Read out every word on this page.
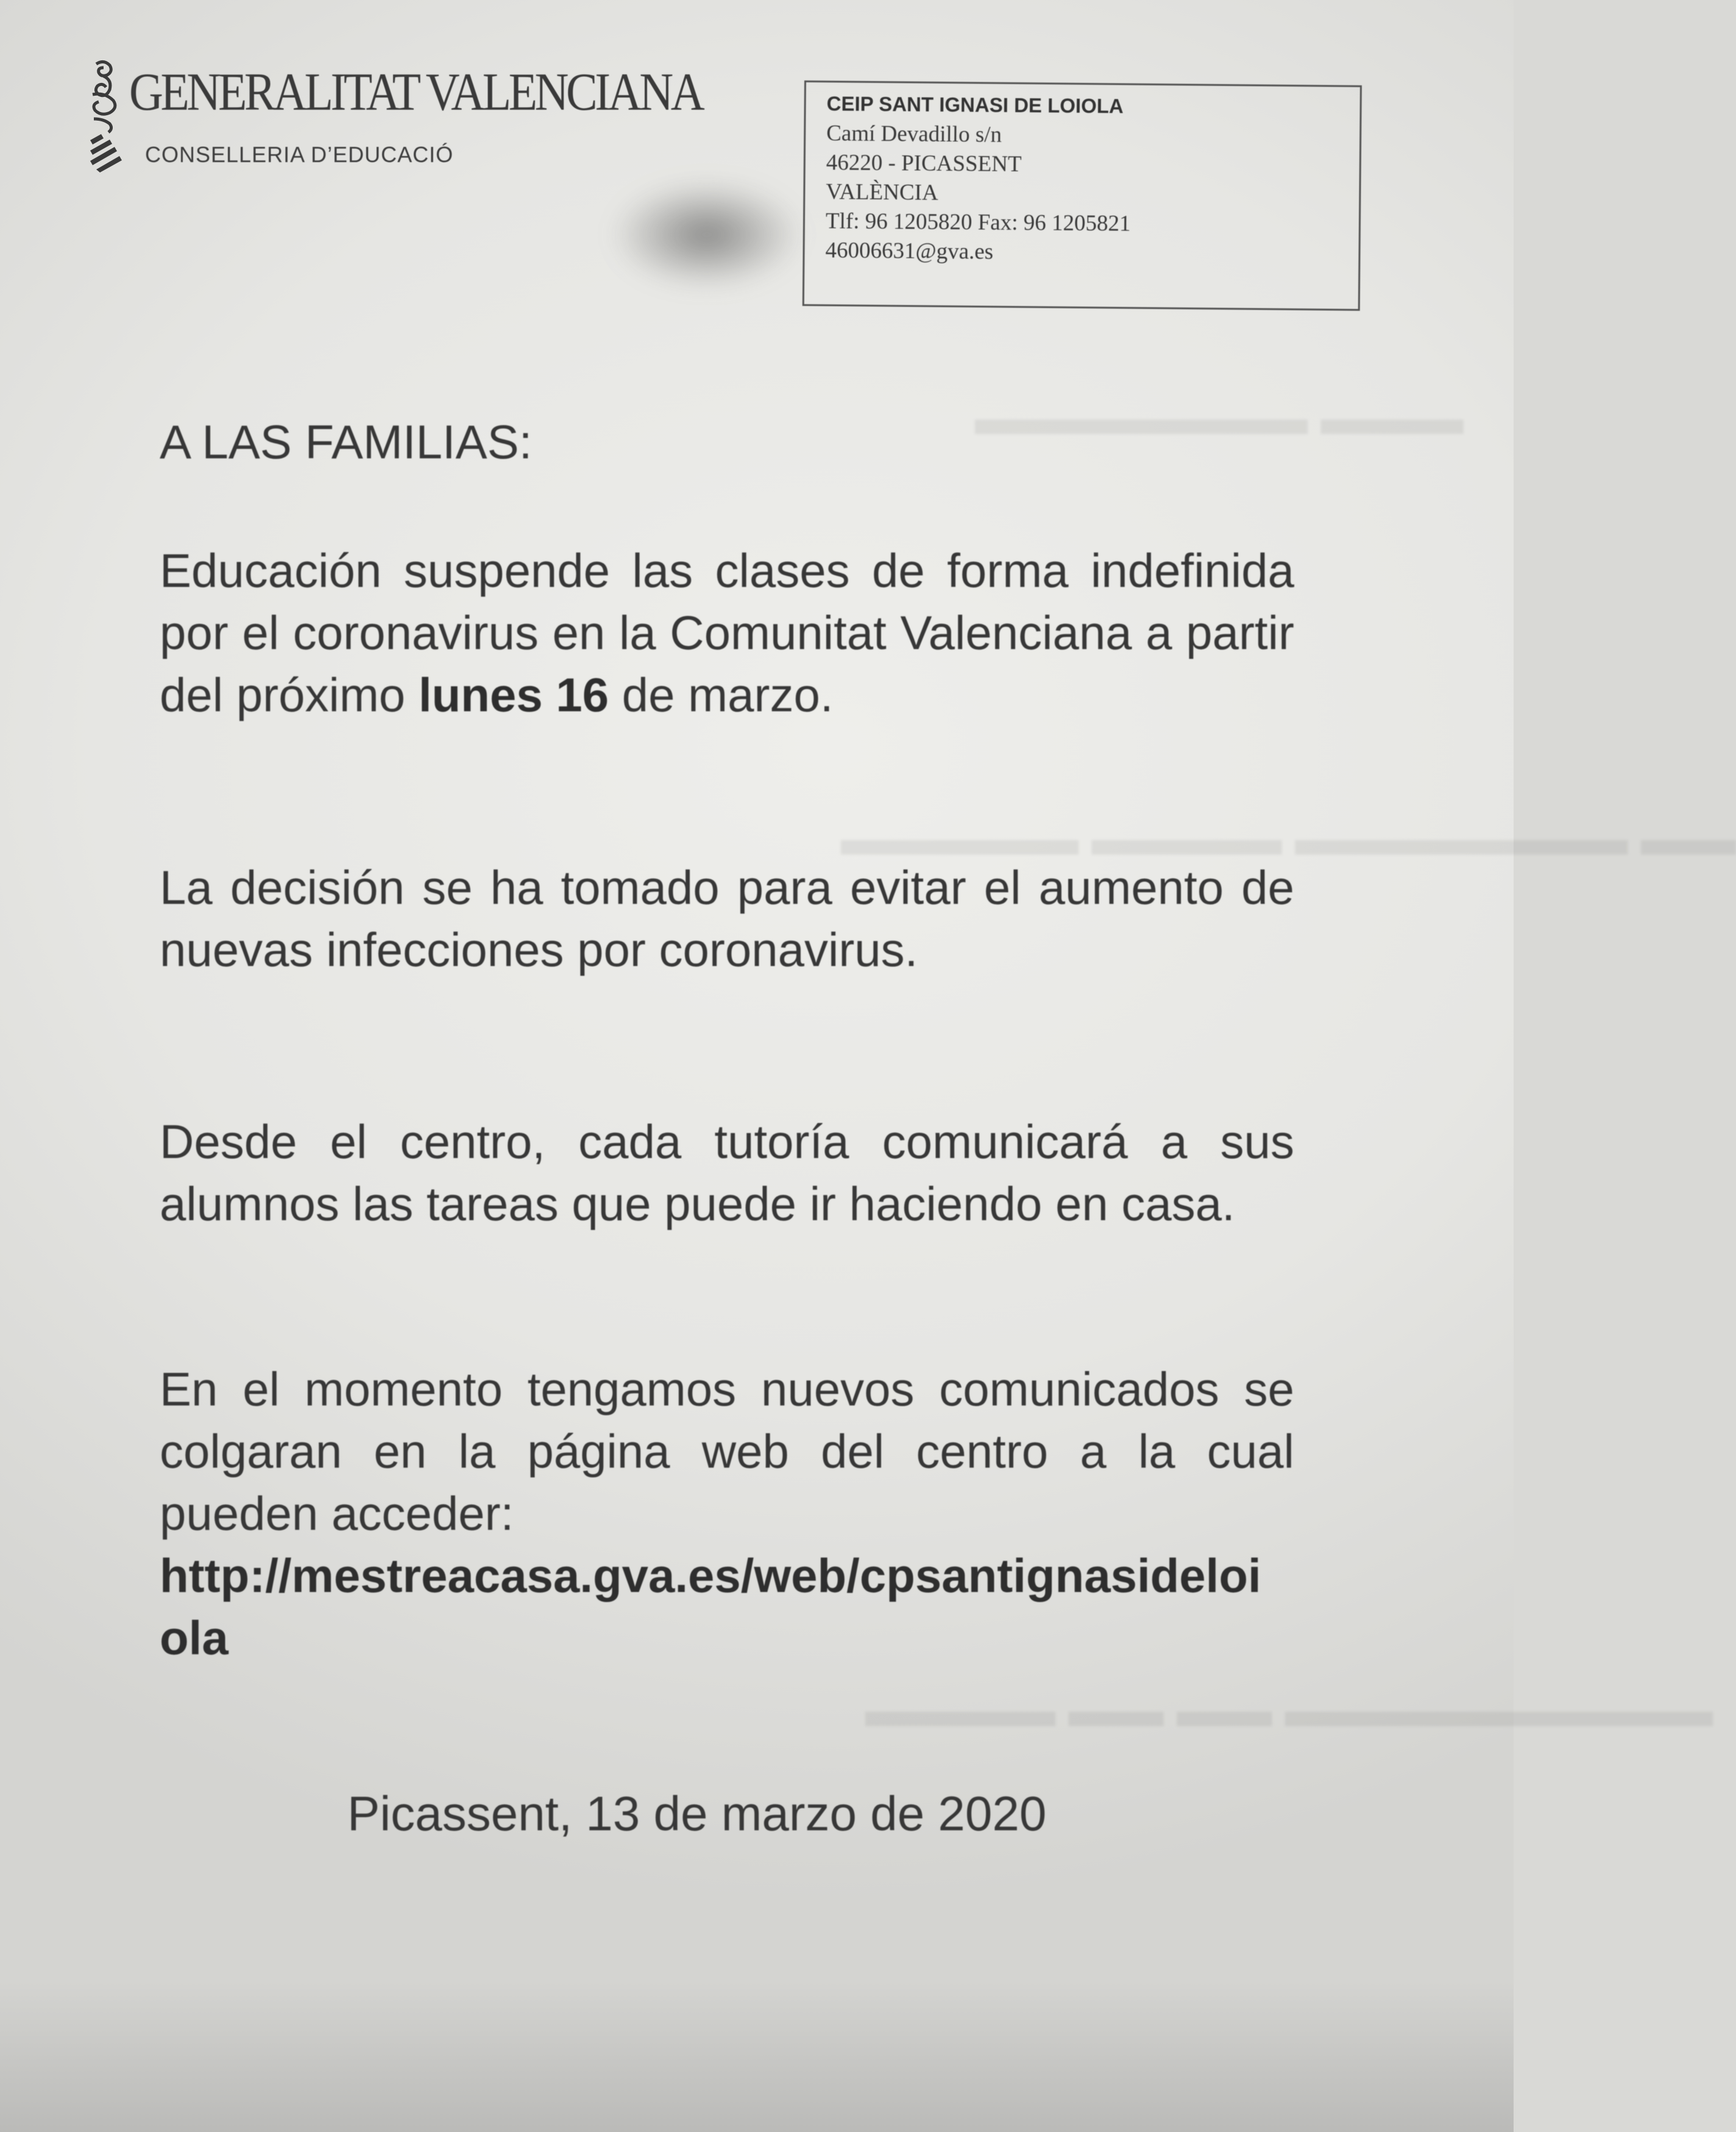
▬▬▬ ▬▬▬▬▬▬▬
▬▬ ▬▬▬▬▬▬▬ ▬▬▬▬ ▬▬▬▬▬
▬▬▬▬▬▬▬▬▬ ▬▬ ▬▬ ▬▬▬▬
GENERALITAT VALENCIANA
CONSELLERIA D’EDUCACIÓ
CEIP SANT IGNASI DE LOIOLA
Camí Devadillo s/n
46220 - PICASSENT
VALÈNCIA
Tlf: 96 1205820 Fax: 96 1205821
46006631@gva.es
A LAS FAMILIAS:
Educación suspende las clases de forma indefinida por el coronavirus en la Comunitat Valenciana a partir del próximo lunes 16 de marzo.
La decisión se ha tomado para evitar el aumento de nuevas infecciones por coronavirus.
Desde el centro, cada tutoría comunicará a sus alumnos las tareas que puede ir haciendo en casa.
En el momento tengamos nuevos comunicados se colgaran en la página web del centro a la cual pueden acceder:
http://mestreacasa.gva.es/web/cpsantignasideloiola
Picassent, 13 de marzo de 2020
